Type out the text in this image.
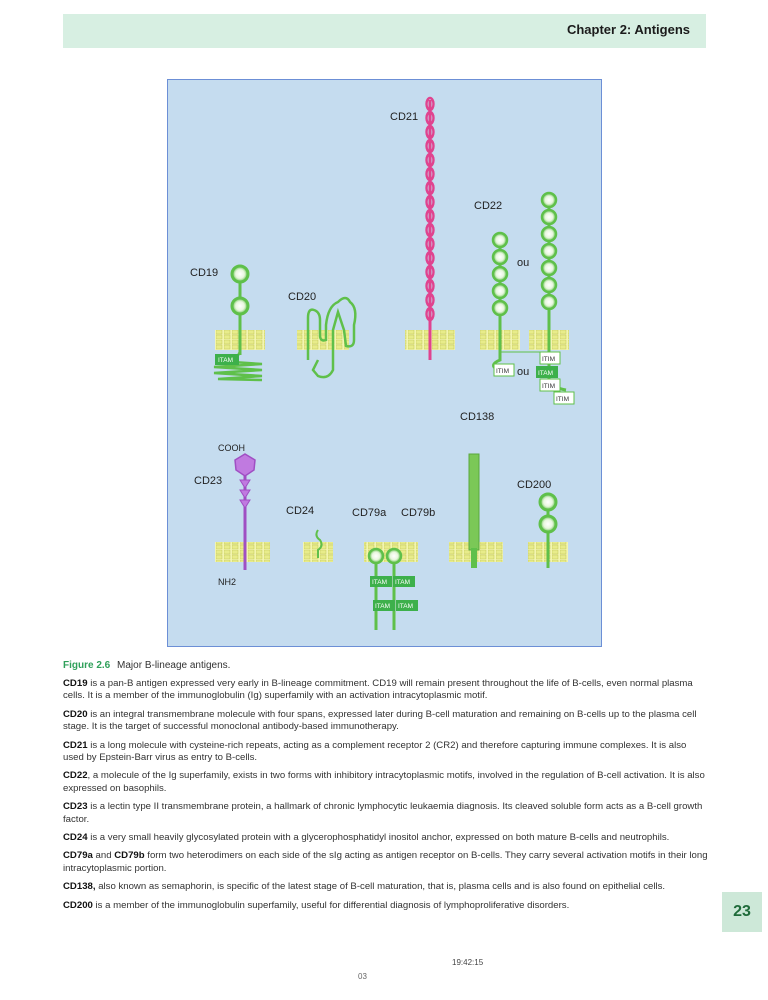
Chapter 2: Antigens
CD21
CD22
ou
ou
ITIM
ITIM
ITAM
ITIM
ITIM
ITAM
CD19
CD20
CD138
CD200
COOH
CD23
NH2
CD24
ITAM ITAM
ITAM ITAM
CD79a CD79b
Figure 2.6 Major B-lineage antigens.

CD19 is a pan-B antigen expressed very early in B-lineage commitment. CD19 will remain present throughout the life of B-cells, even normal plasma cells. It is a member of the immunoglobulin (Ig) superfamily with an activation intracytoplasmic motif.

CD20 is an integral transmembrane molecule with four spans, expressed later during B-cell maturation and remaining on B-cells up to the plasma cell stage. It is the target of successful monoclonal antibody-based immunotherapy.

CD21 is a long molecule with cysteine-rich repeats, acting as a complement receptor 2 (CR2) and therefore capturing immune complexes. It is also used by Epstein-Barr virus as entry to B-cells.

CD22, a molecule of the Ig superfamily, exists in two forms with inhibitory intracytoplasmic motifs, involved in the regulation of B-cell activation. It is also expressed on basophils.

CD23 is a lectin type II transmembrane protein, a hallmark of chronic lymphocytic leukaemia diagnosis. Its cleaved soluble form acts as a B-cell growth factor.

CD24 is a very small heavily glycosylated protein with a glycerophosphatidyl inositol anchor, expressed on both mature B-cells and neutrophils.

CD79a and CD79b form two heterodimers on each side of the sIg acting as antigen receptor on B-cells. They carry several activation motifs in their long intracytoplasmic portion.

CD138, also known as semaphorin, is specific of the latest stage of B-cell maturation, that is, plasma cells and is also found on epithelial cells.

CD200 is a member of the immunoglobulin superfamily, useful for differential diagnosis of lymphoproliferative disorders.	23
19:42:15
03
